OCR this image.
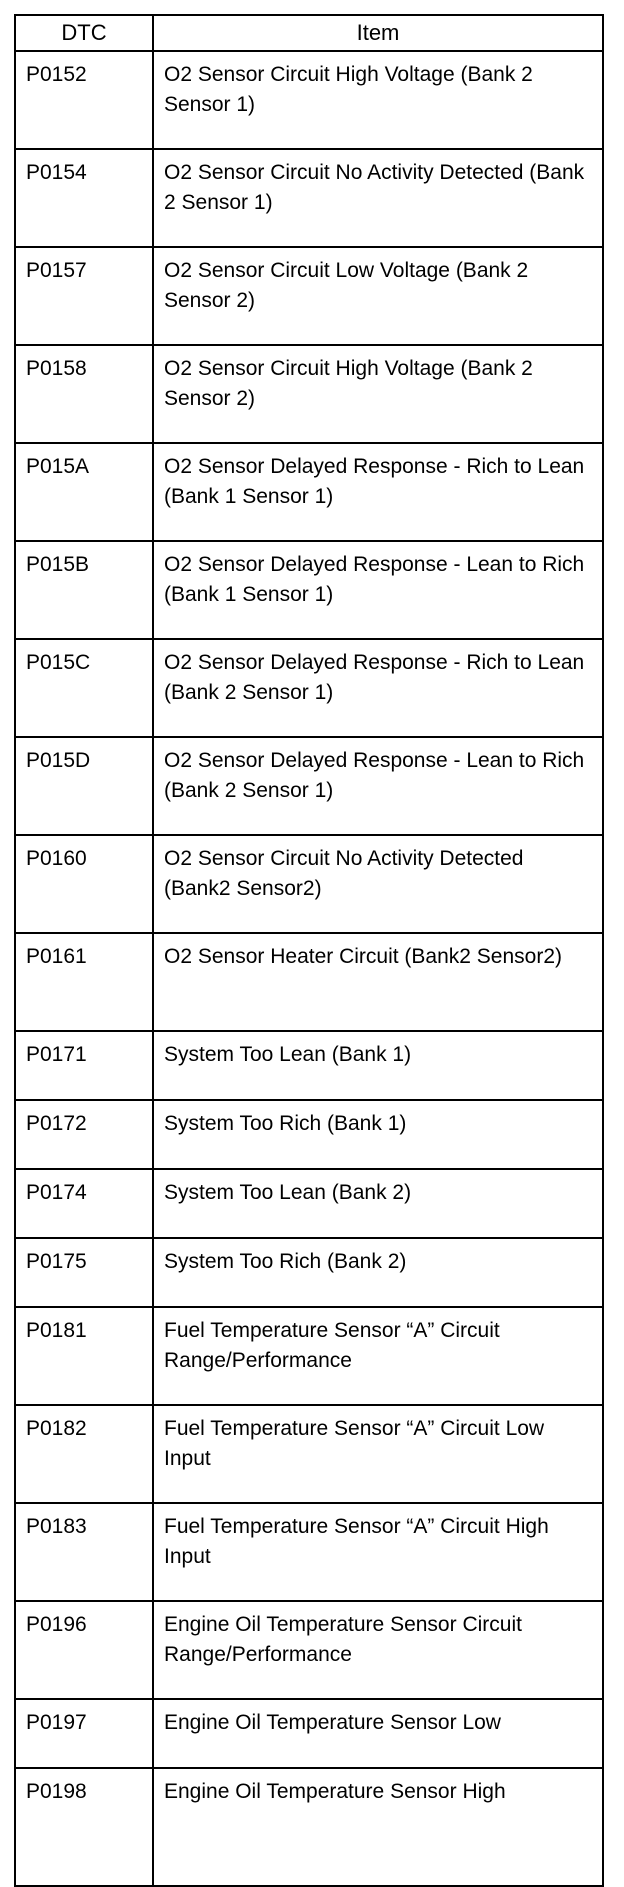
DTC	Item
P0152	O2 Sensor Circuit High Voltage (Bank 2 Sensor 1)
P0154	O2 Sensor Circuit No Activity Detected (Bank 2 Sensor 1)
P0157	O2 Sensor Circuit Low Voltage (Bank 2 Sensor 2)
P0158	O2 Sensor Circuit High Voltage (Bank 2 Sensor 2)
P015A	O2 Sensor Delayed Response - Rich to Lean (Bank 1 Sensor 1)
P015B	O2 Sensor Delayed Response - Lean to Rich (Bank 1 Sensor 1)
P015C	O2 Sensor Delayed Response - Rich to Lean (Bank 2 Sensor 1)
P015D	O2 Sensor Delayed Response - Lean to Rich (Bank 2 Sensor 1)
P0160	O2 Sensor Circuit No Activity Detected (Bank2 Sensor2)
P0161	O2 Sensor Heater Circuit (Bank2 Sensor2)
P0171	System Too Lean (Bank 1)
P0172	System Too Rich (Bank 1)
P0174	System Too Lean (Bank 2)
P0175	System Too Rich (Bank 2)
P0181	Fuel Temperature Sensor “A” Circuit Range/Performance
P0182	Fuel Temperature Sensor “A” Circuit Low Input
P0183	Fuel Temperature Sensor “A” Circuit High Input
P0196	Engine Oil Temperature Sensor Circuit Range/Performance
P0197	Engine Oil Temperature Sensor Low
P0198	Engine Oil Temperature Sensor High
